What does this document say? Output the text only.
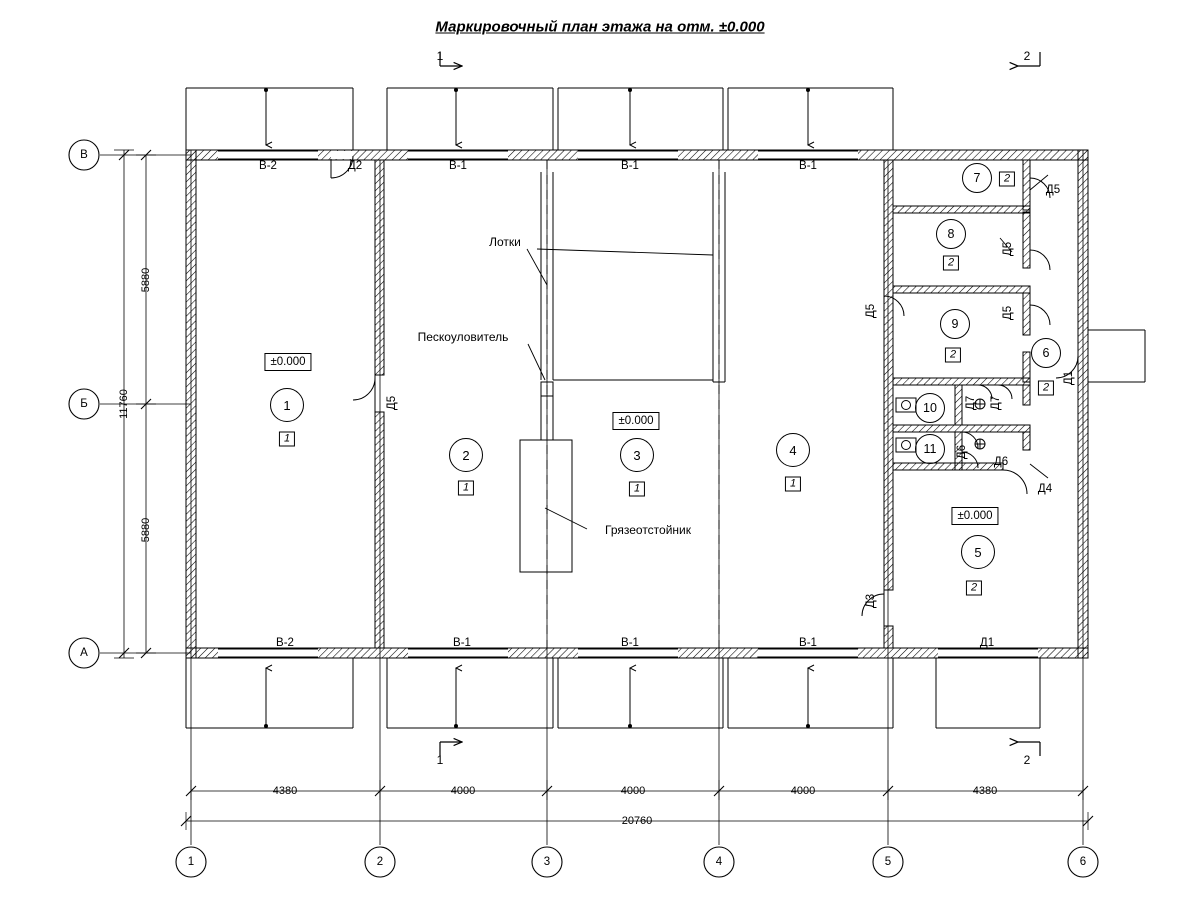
Маркировочный план этажа на отм. ±0.000
1	2	3	4	5	6
В
Б
А
4380	4000	4000	4000	4380
20760
5880
5880
11760
1	2
1	2
В-2	В-1	В-1	В-1
В-2	В-1	В-1	В-1
Д2
Д5
Д5
Д5
Д5
Д5
Д1
Д7 Д7
Д6
Д6
Д4
Д3
Д1
1
2	3	4
5
6
7
8
9
10
11
1
1	1	1
2
2
2
2
2
±0.000
±0.000
±0.000
Лотки
Пескоуловитель
Грязеотстойник
